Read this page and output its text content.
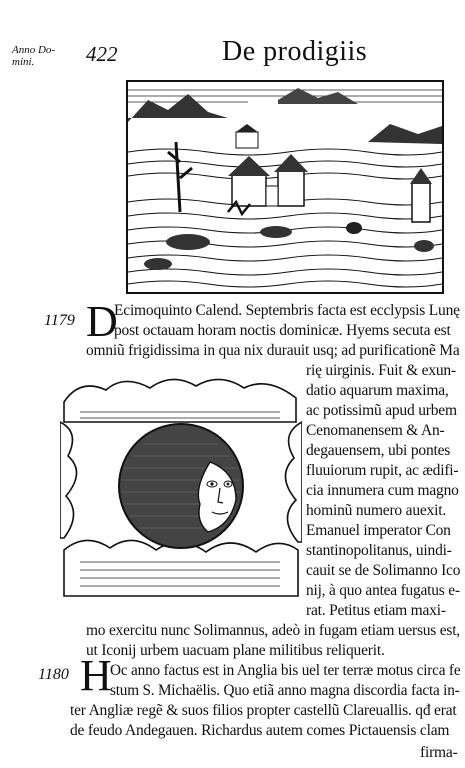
Anno Do-
mini.	422	De prodigiis
1179 D
Ecimoquinto Calend. Septembris facta est ecclypsis Lunę
post octauam horam noctis dominicæ. Hyems secuta est
omniũ frigidissima in qua nix durauit usq; ad purificationẽ Ma
rię uirginis. Fuit & exun-
datio aquarum maxima,
ac potissimũ apud urbem
Cenomanensem & An-
degauensem, ubi pontes
fluuiorum rupit, ac ædifi-
cia innumera cum magno
hominũ numero auexit.
Emanuel imperator Con
stantinopolitanus, uindi-
cauit se de Solimanno Ico
nij, à quo antea fugatus e-
rat. Petitus etiam maxi-
mo exercitu nunc Solimannus, adeò in fugam etiam uersus est,
ut Iconij urbem uacuam plane militibus reliquerit.
1180 H
Oc anno factus est in Anglia bis uel ter terræ motus circa fe
stum S. Michaëlis. Quo etiã anno magna discordia facta in-
ter Angliæ regẽ & suos filios propter castellũ Clareuallis. qđ erat
de feudo Andegauen. Richardus autem comes Pictauensis clam
firma-
